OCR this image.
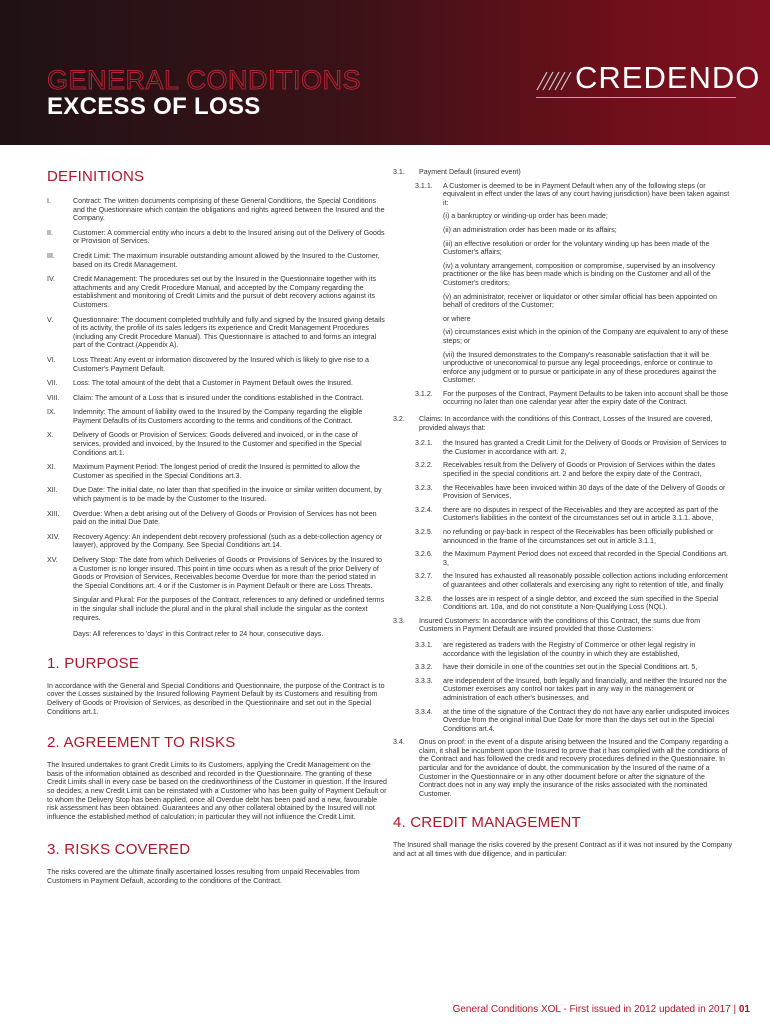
GENERAL CONDITIONS
EXCESS OF LOSS
CREDENDO
DEFINITIONS
I.	Contract: The written documents comprising of these General Conditions, the Special Conditions and the Questionnaire which contain the obligations and rights agreed between the Insured and the Company.
II.	Customer: A commercial entity who incurs a debt to the Insured arising out of the Delivery of Goods or Provision of Services.
III.	Credit Limit: The maximum insurable outstanding amount allowed by the Insured to the Customer, based on its Credit Management.
IV.	Credit Management: The procedures set out by the Insured in the Questionnaire together with its attachments and any Credit Procedure Manual, and accepted by the Company regarding the establishment and monitoring of Credit Limits and the pursuit of debt recovery actions against its Customers.
V.	Questionnaire: The document completed truthfully and fully and signed by the Insured giving details of its activity, the profile of its sales ledgers its experience and Credit Management Procedures (including any Credit Procedure Manual). This Questionnaire is attached to and forms an integral part of the Contract (Appendix A).
VI.	Loss Threat: Any event or information discovered by the Insured which is likely to give rise to a Customer's Payment Default.
VII.	Loss: The total amount of the debt that a Customer in Payment Default owes the Insured.
VIII.	Claim: The amount of a Loss that is insured under the conditions established in the Contract.
IX.	Indemnity: The amount of liability owed to the Insured by the Company regarding the eligible Payment Defaults of its Customers according to the terms and conditions of the Contract.
X.	Delivery of Goods or Provision of Services: Goods delivered and invoiced, or in the case of services, provided and invoiced, by the Insured to the Customer and specified in the Special Conditions art.1.
XI.	Maximum Payment Period: The longest period of credit the Insured is permitted to allow the Customer as specified in the Special Conditions art.3.
XII.	Due Date: The initial date, no later than that specified in the invoice or similar written document, by which payment is to be made by the Customer to the Insured.
XIII.	Overdue: When a debt arising out of the Delivery of Goods or Provision of Services has not been paid on the initial Due Date.
XIV.	Recovery Agency: An independent debt recovery professional (such as a debt-collection agency or lawyer), approved by the Company. See Special Conditions art.14.
XV.	Delivery Stop: The date from which Deliveries of Goods or Provisions of Services by the Insured to a Customer is no longer insured. This point in time occurs when as a result of the prior Delivery of Goods or Provision of Services, Receivables become Overdue for more than the period stated in the Special Conditions art. 4 or if the Customer is in Payment Default or there are Loss Threats.
Singular and Plural: For the purposes of the Contract, references to any defined or undefined terms in the singular shall include the plural and in the plural shall include the singular as the context requires.
Days: All references to 'days' in this Contract refer to 24 hour, consecutive days.
1. PURPOSE
In accordance with the General and Special Conditions and Questionnaire, the purpose of the Contract is to cover the Losses sustained by the Insured following Payment Default by its Customers and resulting from Delivery of Goods or Provision of Services, as described in the Questionnaire and set out in the Special Conditions art.1.
2. AGREEMENT TO RISKS
The Insured undertakes to grant Credit Limits to its Customers, applying the Credit Management on the basis of the information obtained as described and recorded in the Questionnaire. The granting of these Credit Limits shall in every case be based on the creditworthiness of the Customer in question. If the Insured so decides, a new Credit Limit can be reinstated with a Customer who has been guilty of Payment Default or to whom the Delivery Stop has been applied, once all Overdue debt has been paid and a new, favourable risk assessment has been obtained. Guarantees and any other collateral obtained by the Insured will not influence the established method of calculation; in particular they will not influence the Credit Limit.
3. RISKS COVERED
The risks covered are the ultimate finally ascertained losses resulting from unpaid Receivables from Customers in Payment Default, according to the conditions of the Contract.
3.1. Payment Default (insured event)
3.1.1. A Customer is deemed to be in Payment Default when any of the following steps (or equivalent in effect under the laws of any court having jurisdiction) have been taken against it:
(i) a bankruptcy or winding-up order has been made;
(ii) an administration order has been made or its affairs;
(iii) an effective resolution or order for the voluntary winding up has been made of the Customer's affairs;
(iv) a voluntary arrangement, composition or compromise, supervised by an insolvency practitioner or the like has been made which is binding on the Customer and all of the Customer's creditors;
(v) an administrator, receiver or liquidator or other similar official has been appointed on behalf of creditors of the Customer;
or where
(vi) circumstances exist which in the opinion of the Company are equivalent to any of these steps; or
(vii) the Insured demonstrates to the Company's reasonable satisfaction that it will be unproductive or uneconomical to pursue any legal proceedings, enforce or continue to enforce any judgment or to pursue or participate in any of these procedures against the Customer.
3.1.2. For the purposes of the Contract, Payment Defaults to be taken into account shall be those occurring no later than one calendar year after the expiry date of the Contract.
3.2. Claims: In accordance with the conditions of this Contract, Losses of the Insured are covered, provided always that:
3.2.1. the Insured has granted a Credit Limit for the Delivery of Goods or Provision of Services to the Customer in accordance with art. 2,
3.2.2. Receivables result from the Delivery of Goods or Provision of Services within the dates specified in the special conditions art. 2 and before the expiry date of the Contract,
3.2.3. the Receivables have been invoiced within 30 days of the date of the Delivery of Goods or Provision of Services,
3.2.4. there are no disputes in respect of the Receivables and they are accepted as part of the Customer's liabilities in the context of the circumstances set out in article 3.1.1. above,
3.2.5. no refunding or pay-back in respect of the Receivables has been officially published or announced in the frame of the circumstances set out in article 3.1.1,
3.2.6. the Maximum Payment Period does not exceed that recorded in the Special Conditions art. 3,
3.2.7. the Insured has exhausted all reasonably possible collection actions including enforcement of guarantees and other collaterals and exercising any right to retention of title, and finally
3.2.8. the losses are in respect of a single debtor, and exceed the sum specified in the Special Conditions art. 10a, and do not constitute a Non-Qualifying Loss (NQL).
3.3. Insured Customers: In accordance with the conditions of this Contract, the sums due from Customers in Payment Default are insured provided that those Customers:
3.3.1. are registered as traders with the Registry of Commerce or other legal registry in accordance with the legislation of the country in which they are established,
3.3.2. have their domicile in one of the countries set out in the Special Conditions art. 5,
3.3.3. are independent of the Insured, both legally and financially, and neither the Insured nor the Customer exercises any control nor takes part in any way in the management or administration of each other's businesses, and
3.3.4. at the time of the signature of the Contract they do not have any earlier undisputed invoices Overdue from the original initial Due Date for more than the days set out in the Special Conditions art.4.
3.4. Onus on proof: in the event of a dispute arising between the Insured and the Company regarding a claim, it shall be incumbent upon the Insured to prove that it has complied with all the conditions of the Contract and has followed the credit and recovery procedures defined in the Questionnaire. In particular and for the avoidance of doubt, the communication by the Insured of the name of a Customer in the Questionnaire or in any other document before or after the signature of the Contract does not in any way imply the insurance of the risks associated with the nominated Customer.
4. CREDIT MANAGEMENT
The Insured shall manage the risks covered by the present Contract as if it was not insured by the Company and act at all times with due diligence, and in particular:
General Conditions XOL - First issued in 2012 updated in 2017 | 01
